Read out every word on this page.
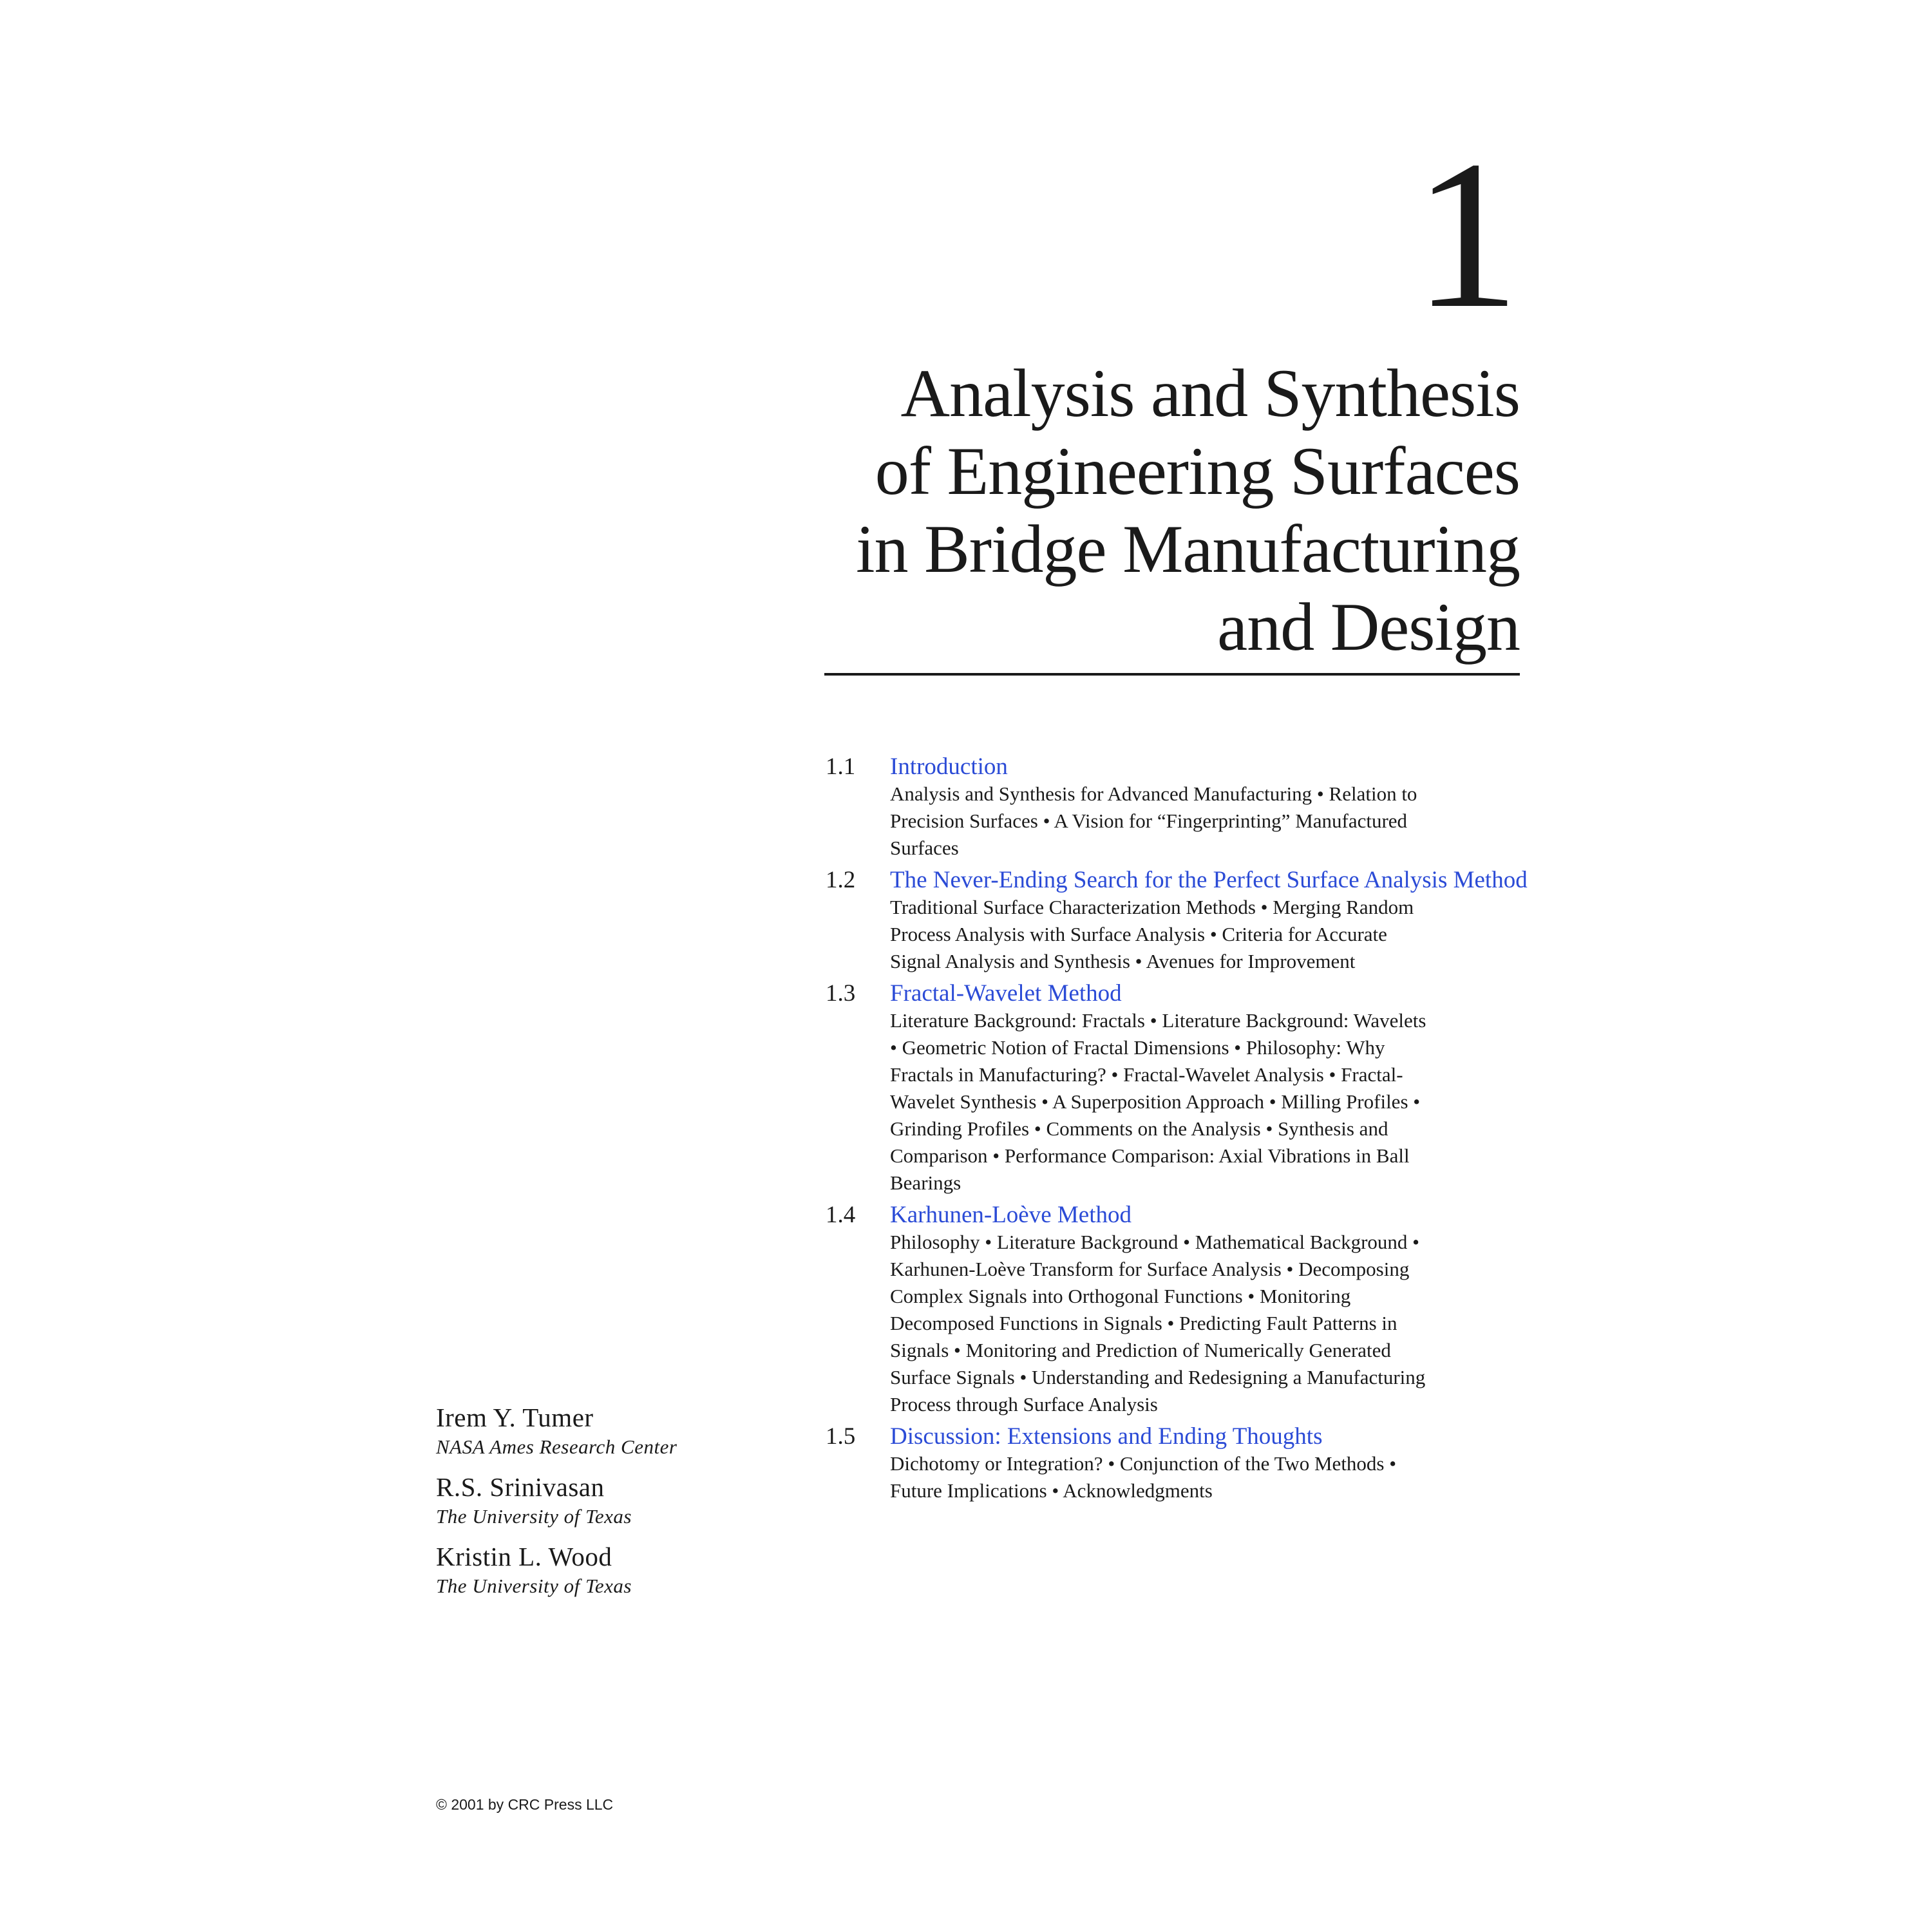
1
Analysis and Synthesis
of Engineering Surfaces
in Bridge Manufacturing
and Design
1.1 Introduction
Analysis and Synthesis for Advanced Manufacturing • Relation to Precision Surfaces • A Vision for “Fingerprinting” Manufactured Surfaces
1.2 The Never-Ending Search for the Perfect Surface Analysis Method
Traditional Surface Characterization Methods • Merging Random Process Analysis with Surface Analysis • Criteria for Accurate Signal Analysis and Synthesis • Avenues for Improvement
1.3 Fractal-Wavelet Method
Literature Background: Fractals • Literature Background: Wavelets • Geometric Notion of Fractal Dimensions • Philosophy: Why Fractals in Manufacturing? • Fractal-Wavelet Analysis • Fractal-Wavelet Synthesis • A Superposition Approach • Milling Profiles • Grinding Profiles • Comments on the Analysis • Synthesis and Comparison • Performance Comparison: Axial Vibrations in Ball Bearings
1.4 Karhunen-Loève Method
Philosophy • Literature Background • Mathematical Background • Karhunen-Loève Transform for Surface Analysis • Decomposing Complex Signals into Orthogonal Functions • Monitoring Decomposed Functions in Signals • Predicting Fault Patterns in Signals • Monitoring and Prediction of Numerically Generated Surface Signals • Understanding and Redesigning a Manufacturing Process through Surface Analysis
1.5 Discussion: Extensions and Ending Thoughts
Dichotomy or Integration? • Conjunction of the Two Methods • Future Implications • Acknowledgments
Irem Y. Tumer
NASA Ames Research Center
R.S. Srinivasan
The University of Texas
Kristin L. Wood
The University of Texas
© 2001 by CRC Press LLC
